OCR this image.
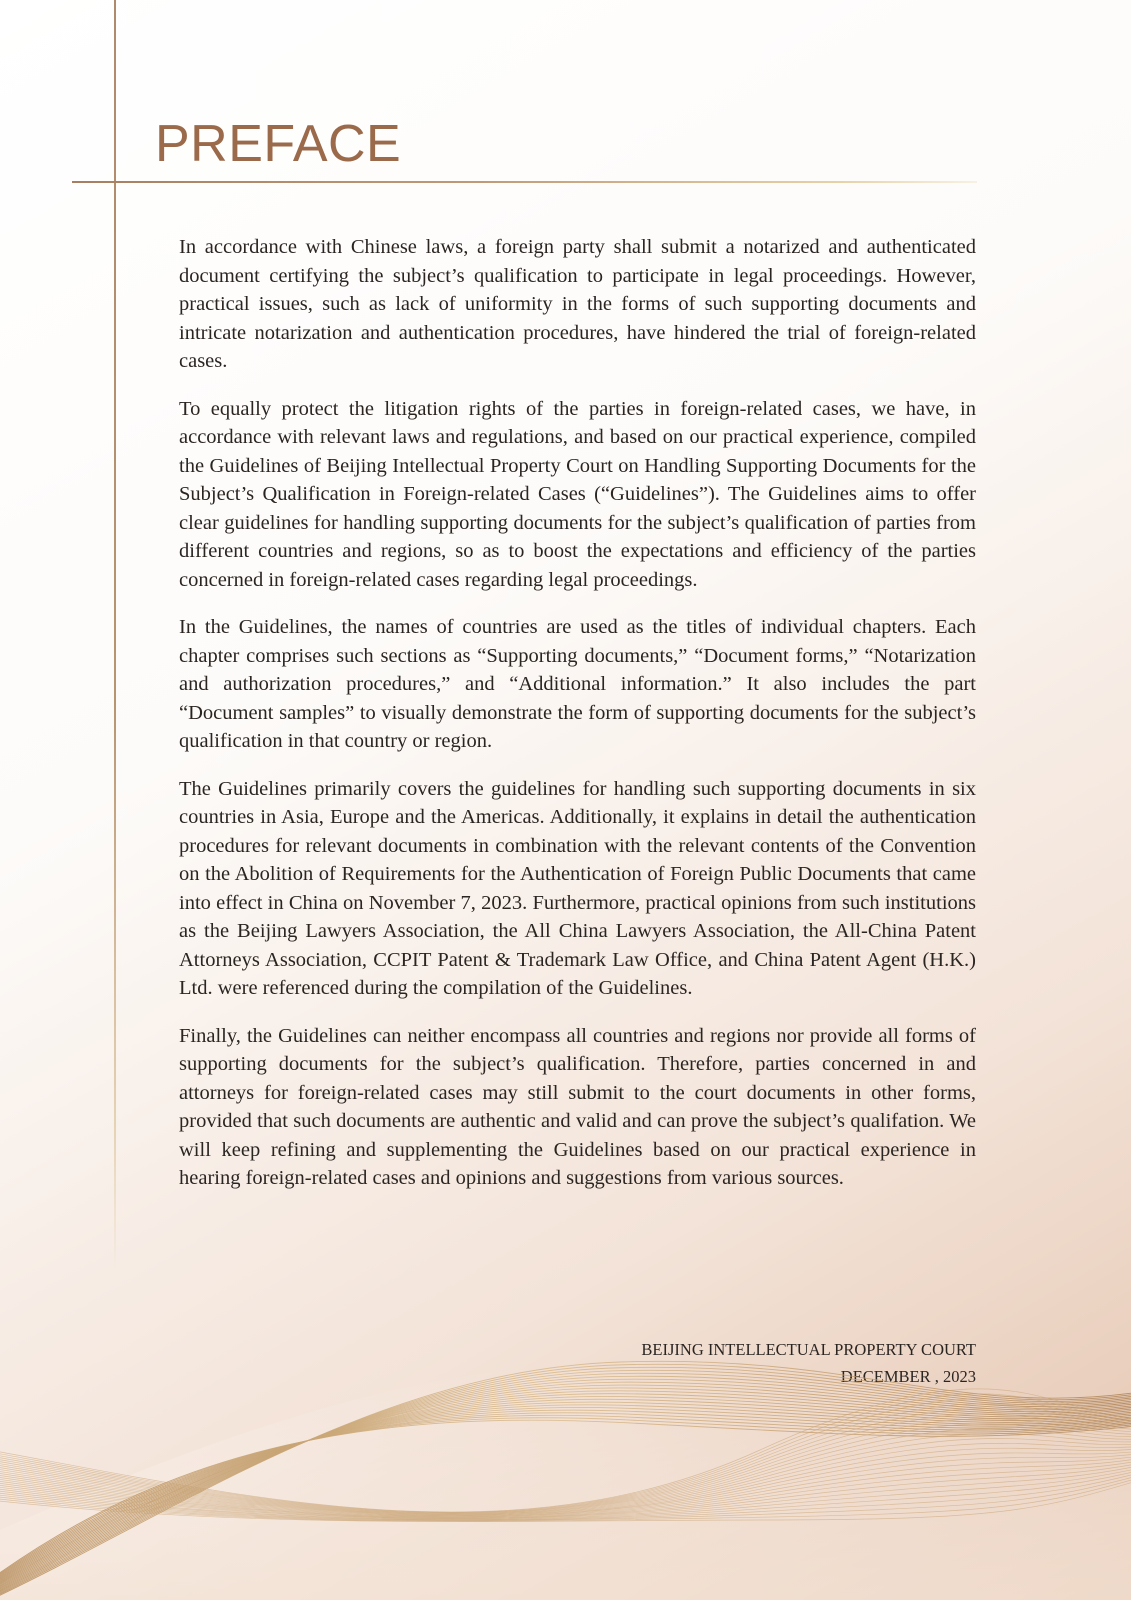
PREFACE

In accordance with Chinese laws, a foreign party shall submit a notarized and authenticated document certifying the subject’s qualification to participate in legal proceedings. However, practical issues, such as lack of uniformity in the forms of such supporting documents and intricate notarization and authentication procedures, have hindered the trial of foreign-related cases.

To equally protect the litigation rights of the parties in foreign-related cases, we have, in accordance with relevant laws and regulations, and based on our practical experience, compiled the Guidelines of Beijing Intellectual Property Court on Handling Supporting Documents for the Subject’s Qualification in Foreign-related Cases (“Guidelines”). The Guidelines aims to offer clear guidelines for handling supporting documents for the subject’s qualification of parties from different countries and regions, so as to boost the expectations and efficiency of the parties concerned in foreign-related cases regarding legal proceedings.

In the Guidelines, the names of countries are used as the titles of individual chapters. Each chapter comprises such sections as “Supporting documents,” “Document forms,” “Notarization and authorization procedures,” and “Additional information.” It also includes the part “Document samples” to visually demonstrate the form of supporting documents for the subject’s qualification in that country or region.

The Guidelines primarily covers the guidelines for handling such supporting documents in six countries in Asia, Europe and the Americas. Additionally, it explains in detail the authentication procedures for relevant documents in combination with the relevant contents of the Convention on the Abolition of Requirements for the Authentication of Foreign Public Documents that came into effect in China on November 7, 2023. Furthermore, practical opinions from such institutions as the Beijing Lawyers Association, the All China Lawyers Association, the All-China Patent Attorneys Association, CCPIT Patent & Trademark Law Office, and China Patent Agent (H.K.) Ltd. were referenced during the compilation of the Guidelines.

Finally, the Guidelines can neither encompass all countries and regions nor provide all forms of supporting documents for the subject’s qualification. Therefore, parties concerned in and attorneys for foreign-related cases may still submit to the court documents in other forms, provided that such documents are authentic and valid and can prove the subject’s qualifation. We will keep refining and supplementing the Guidelines based on our practical experience in hearing foreign-related cases and opinions and suggestions from various sources.

BEIJING INTELLECTUAL PROPERTY COURT
DECEMBER , 2023
